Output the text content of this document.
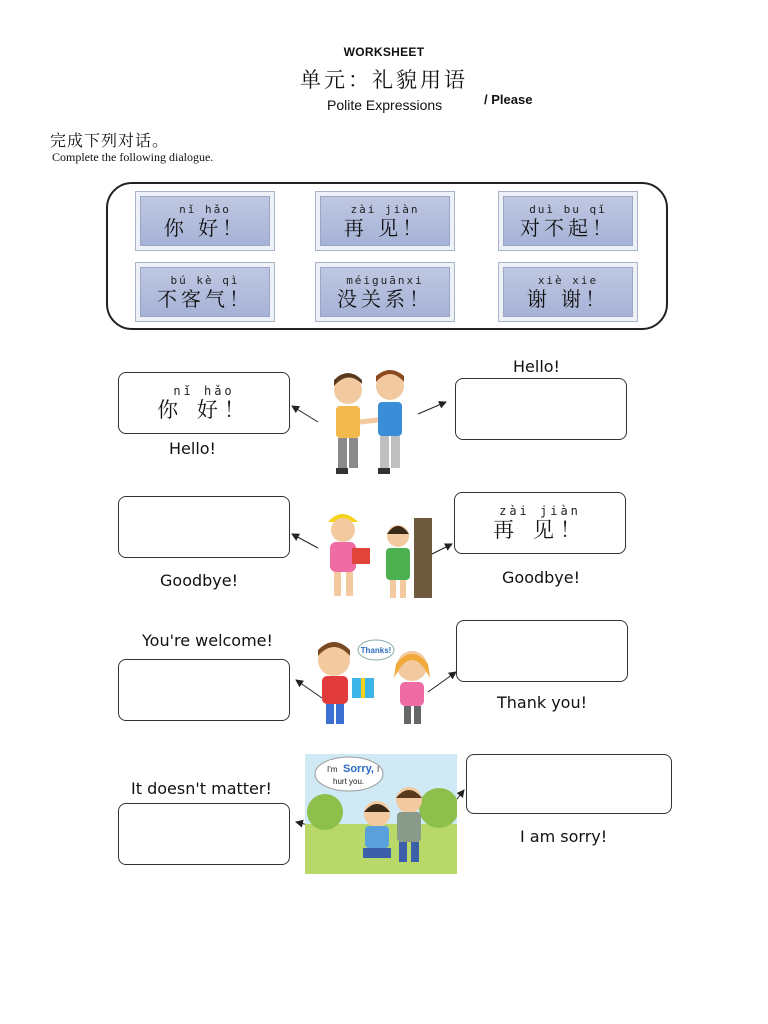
WORKSHEET
单元：礼貌用语
Polite Expressions	/ Please
完成下列对话。
Complete the following dialogue.
nǐ hǎo
你 好！
zài jiàn
再 见！
duì bu qǐ
对不起！
bú kè qì
不客气！
méiguānxi
没关系！
xiè xie
谢 谢！
nǐ hǎo
你 好！
Hello!
Hello!
Goodbye!
zài jiàn
再 见！
Goodbye!
You're welcome!
Thank you!
Thanks!
It doesn't matter!
I am sorry!
I'm Sorry, I
hurt you.
